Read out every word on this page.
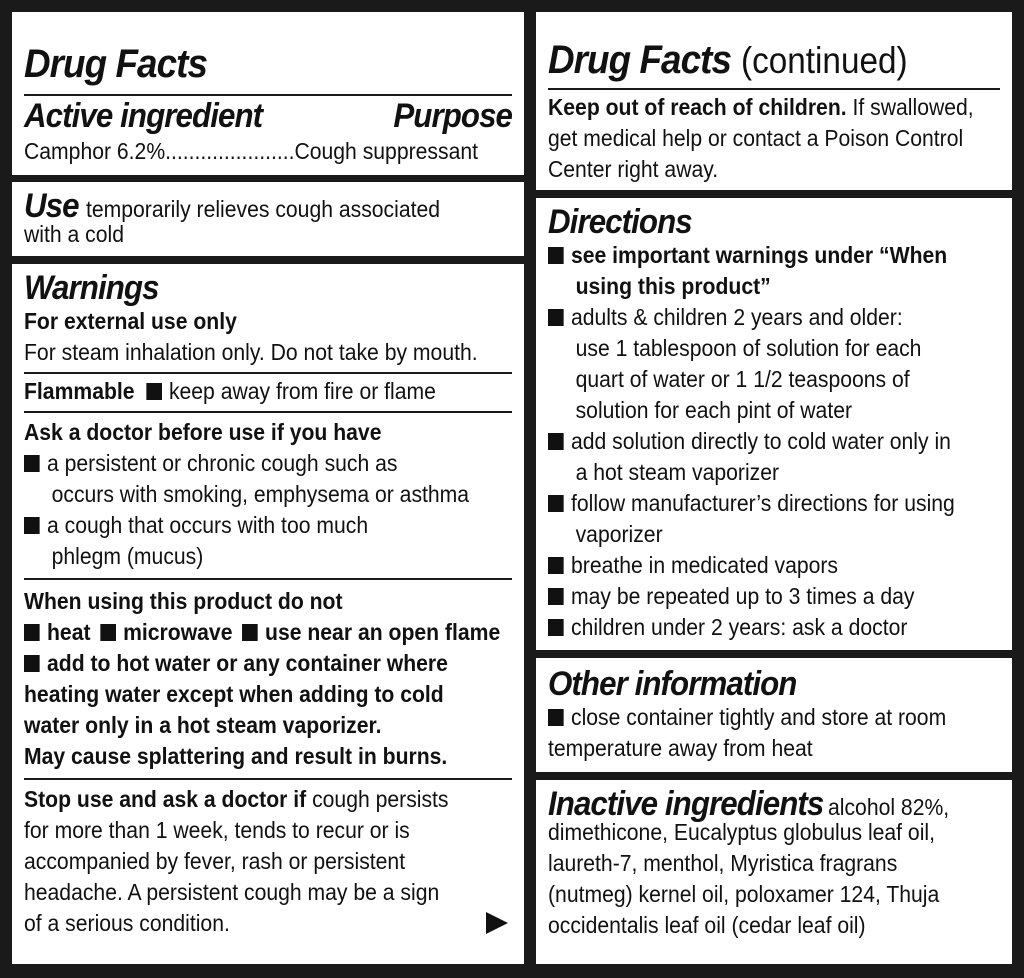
Drug Facts
Active ingredient	Purpose
Camphor 6.2%......................Cough suppressant
Use temporarily relieves cough associated
with a cold
Warnings
For external use only
For steam inhalation only. Do not take by mouth.
Flammable keep away from fire or flame
Ask a doctor before use if you have
a persistent or chronic cough such as
occurs with smoking, emphysema or asthma
a cough that occurs with too much
phlegm (mucus)
When using this product do not
heat microwave use near an open flame
add to hot water or any container where
heating water except when adding to cold
water only in a hot steam vaporizer.
May cause splattering and result in burns.
Stop use and ask a doctor if cough persists
for more than 1 week, tends to recur or is
accompanied by fever, rash or persistent
headache. A persistent cough may be a sign
of a serious condition.
Drug Facts (continued)
Keep out of reach of children. If swallowed,
get medical help or contact a Poison Control
Center right away.
Directions
see important warnings under “When
using this product”
adults & children 2 years and older:
use 1 tablespoon of solution for each
quart of water or 1 1/2 teaspoons of
solution for each pint of water
add solution directly to cold water only in
a hot steam vaporizer
follow manufacturer’s directions for using
vaporizer
breathe in medicated vapors
may be repeated up to 3 times a day
children under 2 years: ask a doctor
Other information
close container tightly and store at room
temperature away from heat
Inactive ingredients alcohol 82%,
dimethicone, Eucalyptus globulus leaf oil,
laureth-7, menthol, Myristica fragrans
(nutmeg) kernel oil, poloxamer 124, Thuja
occidentalis leaf oil (cedar leaf oil)
